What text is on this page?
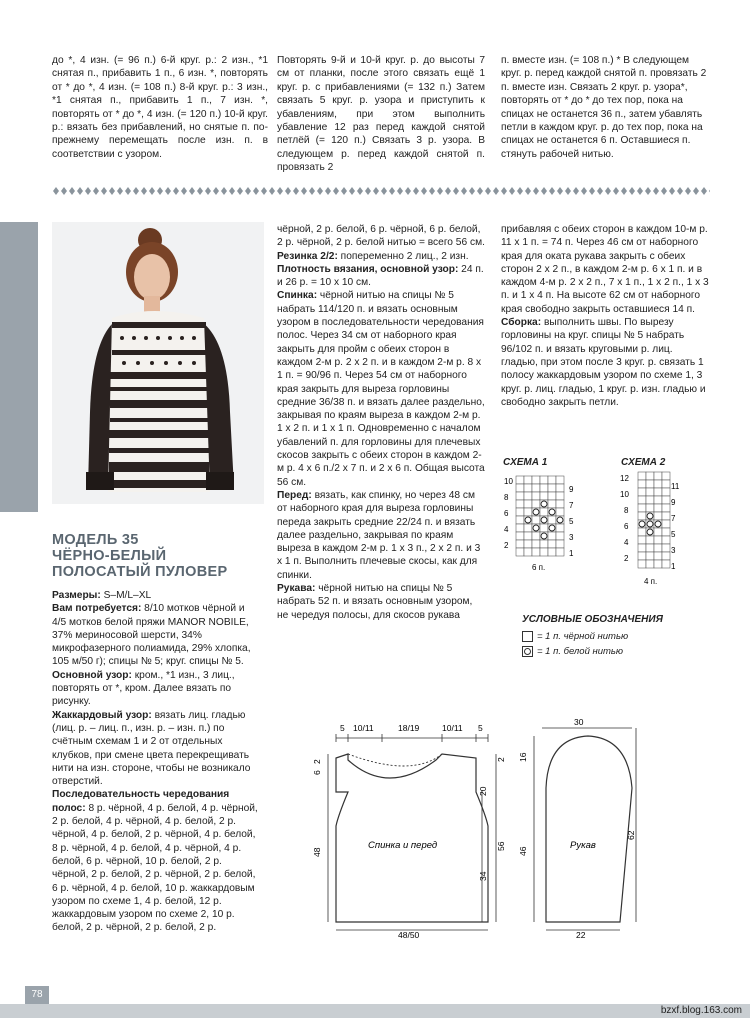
до *, 4 изн. (= 96 п.) 6-й круг. р.: 2 изн., *1 снятая п., прибавить 1 п., 6 изн. *, повторять от * до *, 4 изн. (= 108 п.) 8-й круг. р.: 3 изн., *1 снятая п., прибавить 1 п., 7 изн. *, повторять от * до *, 4 изн. (= 120 п.) 10-й круг. р.: вязать без прибавлений, но снятые п. по-прежнему перемещать после изн. п. в соответствии с узором.

Повторять 9-й и 10-й круг. р. до высоты 7 см от планки, после этого связать ещё 1 круг. р. с прибавлениями (= 132 п.) Затем связать 5 круг. р. узора и приступить к убавлениям, при этом выполнить убавление 12 раз перед каждой снятой петлёй (= 120 п.) Связать 3 р. узора. В следующем р. перед каждой снятой п. провязать 2

п. вместе изн. (= 108 п.) * В следующем круг. р. перед каждой снятой п. провязать 2 п. вместе изн. Связать 2 круг. р. узора*, повторять от * до * до тех пор, пока на спицах не останется 36 п., затем убавлять петли в каждом круг. р. до тех пор, пока на спицах не останется 6 п. Оставшиеся п. стянуть рабочей нитью.

МОДЕЛЬ 35
ЧЁРНО-БЕЛЫЙ
ПОЛОСАТЫЙ ПУЛОВЕР

Размеры: S–M/L–XL

Вам потребуется: 8/10 мотков чёрной и 4/5 мотков белой пряжи MANOR NOBILE, 37% мериносовой шерсти, 34% микрофазерного полиамида, 29% хлопка, 105 м/50 г); спицы № 5; круг. спицы № 5.

Основной узор: кром., *1 изн., 3 лиц., повторять от *, кром. Далее вязать по рисунку.

Жаккардовый узор: вязать лиц. гладью (лиц. р. – лиц. п., изн. р. – изн. п.) по счётным схемам 1 и 2 от отдельных клубков, при смене цвета перекрещивать нити на изн. стороне, чтобы не возникало отверстий.

Последовательность чередования полос: 8 р. чёрной, 4 р. белой, 4 р. чёрной, 2 р. белой, 4 р. чёрной, 4 р. белой, 2 р. чёрной, 4 р. белой, 2 р. чёрной, 4 р. белой, 8 р. чёрной, 4 р. белой, 4 р. чёрной, 4 р. белой, 6 р. чёрной, 10 р. белой, 2 р. чёрной, 2 р. белой, 2 р. чёрной, 2 р. белой, 6 р. чёрной, 4 р. белой, 10 р. жаккардовым узором по схеме 1, 4 р. белой, 12 р. жаккардовым узором по схеме 2, 10 р. белой, 2 р. чёрной, 2 р. белой, 2 р.

чёрной, 2 р. белой, 6 р. чёрной, 6 р. белой, 2 р. чёрной, 2 р. белой нитью = всего 56 см.

Резинка 2/2: попеременно 2 лиц., 2 изн.

Плотность вязания, основной узор: 24 п. и 26 р. = 10 х 10 см.

Спинка: чёрной нитью на спицы № 5 набрать 114/120 п. и вязать основным узором в последовательности чередования полос. Через 34 см от наборного края закрыть для пройм с обеих сторон в каждом 2-м р. 2 х 2 п. и в каждом 2-м р. 8 х 1 п. = 90/96 п. Через 54 см от наборного края закрыть для выреза горловины средние 36/38 п. и вязать далее раздельно, закрывая по краям выреза в каждом 2-м р. 1 х 2 п. и 1 х 1 п. Одновременно с началом убавлений п. для горловины для плечевых скосов закрыть с обеих сторон в каждом 2-м р. 4 х 6 п./2 х 7 п. и 2 х 6 п. Общая высота 56 см.

Перед: вязать, как спинку, но через 48 см от наборного края для выреза горловины переда закрыть средние 22/24 п. и вязать далее раздельно, закрывая по краям выреза в каждом 2-м р. 1 х 3 п., 2 х 2 п. и 3 х 1 п. Выполнить плечевые скосы, как для спинки.

Рукава: чёрной нитью на спицы № 5 набрать 52 п. и вязать основным узором, не чередуя полосы, для скосов рукава

прибавляя с обеих сторон в каждом 10-м р. 11 х 1 п. = 74 п. Через 46 см от наборного края для оката рукава закрыть с обеих сторон 2 х 2 п., в каждом 2-м р. 6 х 1 п. и в каждом 4-м р. 2 х 2 п., 7 х 1 п., 1 х 2 п., 1 х 3 п. и 1 х 4 п. На высоте 62 см от наборного края свободно закрыть оставшиеся 14 п.

Сборка: выполнить швы. По вырезу горловины на круг. спицы № 5 набрать 96/102 п. и вязать круговыми р. лиц. гладью, при этом после 3 круг. р. связать 1 полосу жаккардовым узором по схеме 1, 3 круг. р. лиц. гладью, 1 круг. р. изн. гладью и свободно закрыть петли.

СХЕМА 1	СХЕМА 2
10
8
6
4
2
9
7
5
3
1
6 п.
12
10
8
6
4
2
11
9
7
5
3
1
4 п.
УСЛОВНЫЕ ОБОЗНАЧЕНИЯ
= 1 п. чёрной нитью
= 1 п. белой нитью
5 10/11	18/19	10/11 5
6
2
48
2
20
56
34
48/50
Спинка и перед
30
16
46
62
22
Рукав
78
bzxf.blog.163.com
